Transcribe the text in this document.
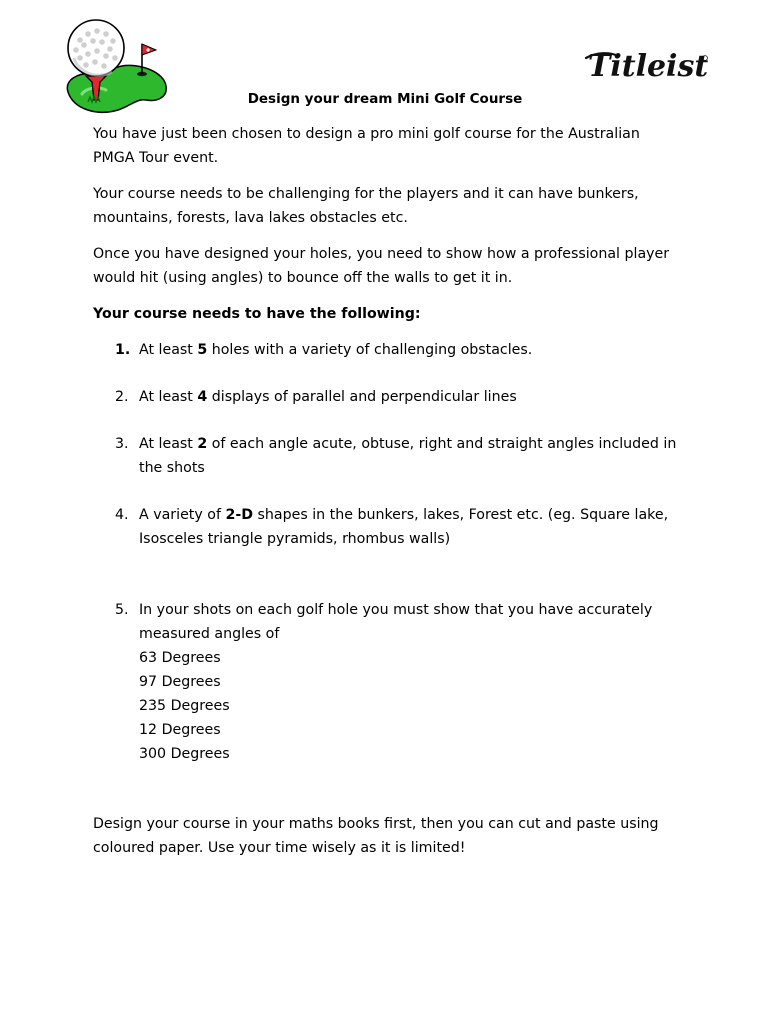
Titleist
Design your dream Mini Golf Course

You have just been chosen to design a pro mini golf course for the Australian PMGA Tour event.

Your course needs to be challenging for the players and it can have bunkers, mountains, forests, lava lakes obstacles etc.

Once you have designed your holes, you need to show how a professional player would hit (using angles) to bounce off the walls to get it in.

Your course needs to have the following:

1. At least 5 holes with a variety of challenging obstacles.
2. At least 4 displays of parallel and perpendicular lines
3. At least 2 of each angle acute, obtuse, right and straight angles included in the shots
4. A variety of 2-D shapes in the bunkers, lakes, Forest etc. (eg. Square lake, Isosceles triangle pyramids, rhombus walls)
5. In your shots on each golf hole you must show that you have accurately measured angles of
63 Degrees
97 Degrees
235 Degrees
12 Degrees
300 Degrees

Design your course in your maths books first, then you can cut and paste using coloured paper. Use your time wisely as it is limited!
